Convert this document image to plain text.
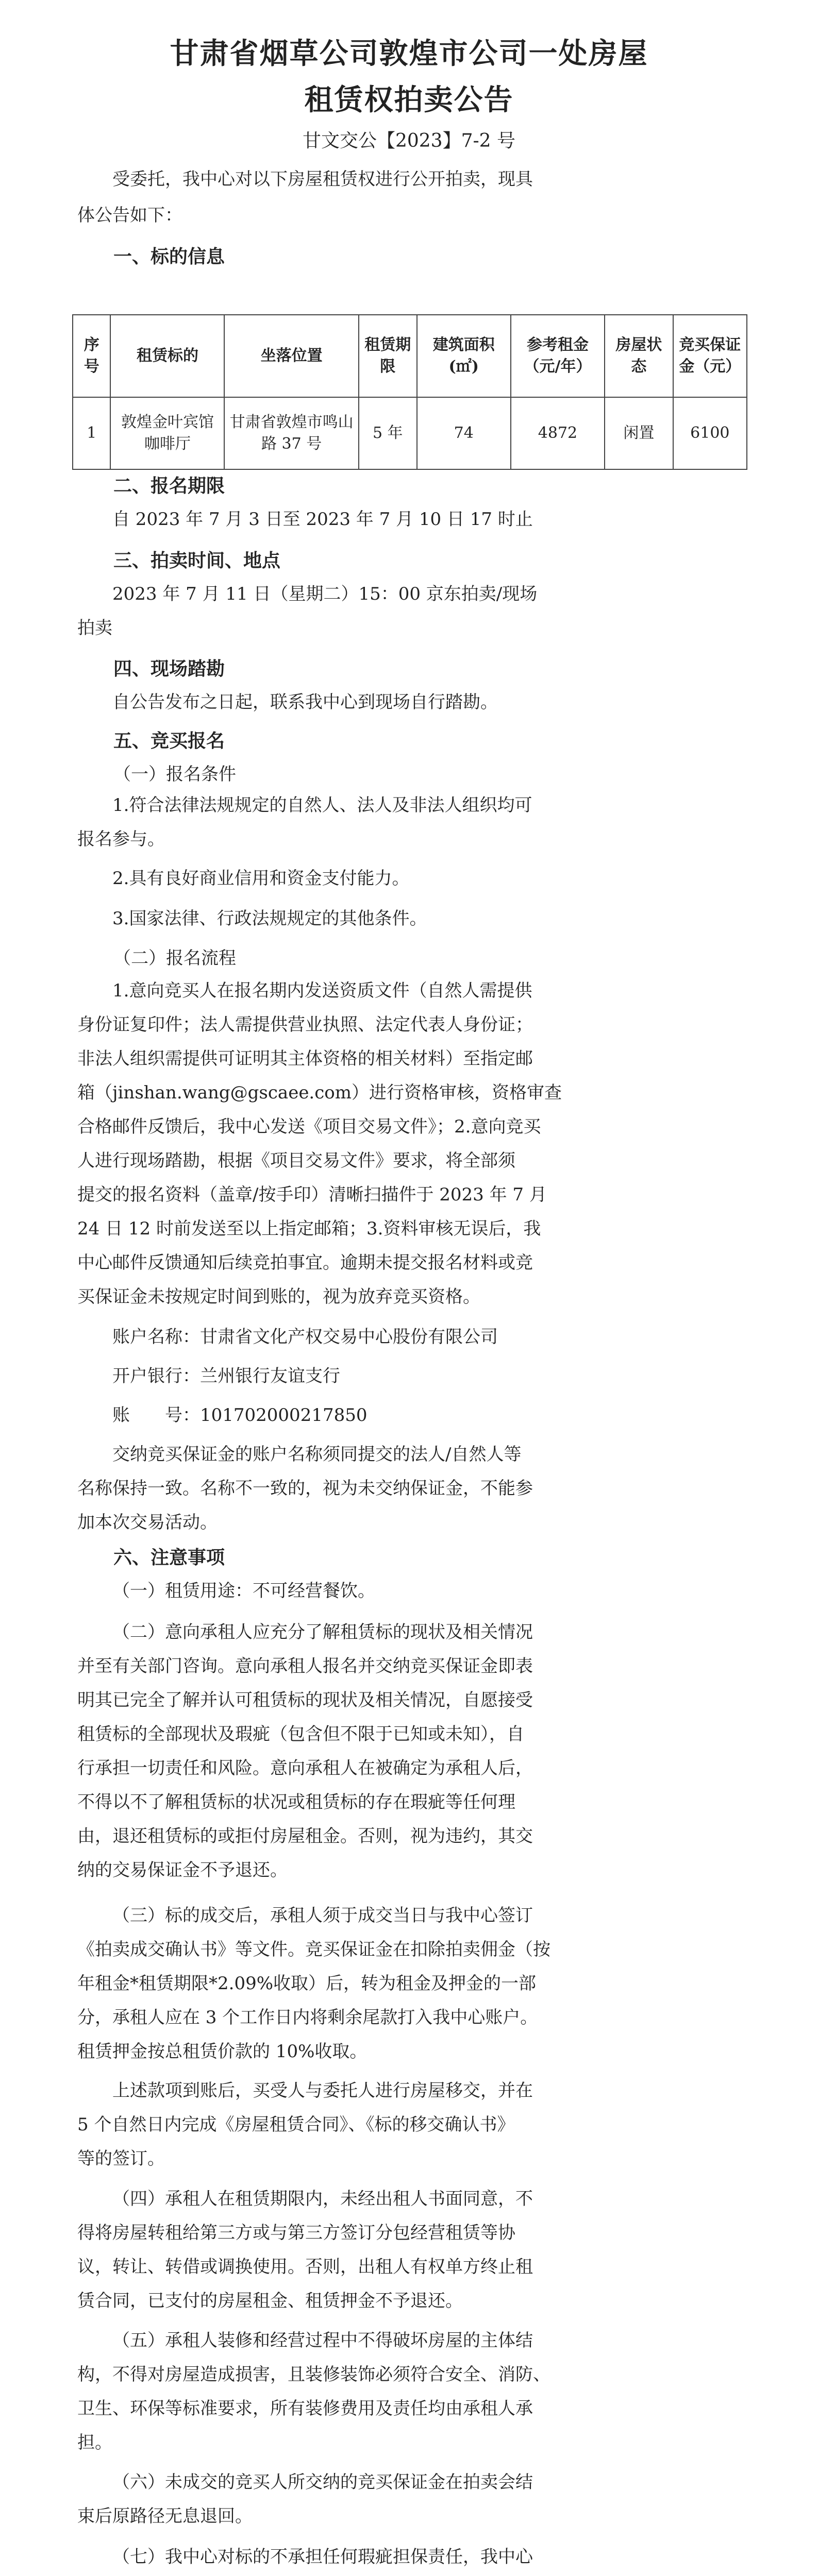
甘肃省烟草公司敦煌市公司一处房屋
租赁权拍卖公告
甘文交公【2023】7-2 号
受委托，我中心对以下房屋租赁权进行公开拍卖，现具
体公告如下：
一、标的信息
序号	租赁标的	坐落位置	租赁期限	建筑面积(㎡)	参考租金（元/年）	房屋状态	竞买保证金（元）
1	敦煌金叶宾馆咖啡厅	甘肃省敦煌市鸣山路 37 号	5 年	74	4872	闲置	6100
二、报名期限
自 2023 年 7 月 3 日至 2023 年 7 月 10 日 17 时止
三、拍卖时间、地点
2023 年 7 月 11 日（星期二）15：00 京东拍卖/现场
拍卖
四、现场踏勘
自公告发布之日起，联系我中心到现场自行踏勘。
五、竞买报名
（一）报名条件
1.符合法律法规规定的自然人、法人及非法人组织均可
报名参与。
2.具有良好商业信用和资金支付能力。
3.国家法律、行政法规规定的其他条件。
（二）报名流程
1.意向竞买人在报名期内发送资质文件（自然人需提供
身份证复印件；法人需提供营业执照、法定代表人身份证；
非法人组织需提供可证明其主体资格的相关材料）至指定邮
箱（jinshan.wang@gscaee.com）进行资格审核，资格审查
合格邮件反馈后，我中心发送《项目交易文件》；2.意向竞买
人进行现场踏勘，根据《项目交易文件》要求，将全部须
提交的报名资料（盖章/按手印）清晰扫描件于 2023 年 7 月
24 日 12 时前发送至以上指定邮箱；3.资料审核无误后，我
中心邮件反馈通知后续竞拍事宜。逾期未提交报名材料或竞
买保证金未按规定时间到账的，视为放弃竞买资格。
账户名称：甘肃省文化产权交易中心股份有限公司
开户银行：兰州银行友谊支行
账　　号：101702000217850
交纳竞买保证金的账户名称须同提交的法人/自然人等
名称保持一致。名称不一致的，视为未交纳保证金，不能参
加本次交易活动。
六、注意事项
（一）租赁用途：不可经营餐饮。
（二）意向承租人应充分了解租赁标的现状及相关情况
并至有关部门咨询。意向承租人报名并交纳竞买保证金即表
明其已完全了解并认可租赁标的现状及相关情况，自愿接受
租赁标的全部现状及瑕疵（包含但不限于已知或未知），自
行承担一切责任和风险。意向承租人在被确定为承租人后，
不得以不了解租赁标的状况或租赁标的存在瑕疵等任何理
由，退还租赁标的或拒付房屋租金。否则，视为违约，其交
纳的交易保证金不予退还。
（三）标的成交后，承租人须于成交当日与我中心签订
《拍卖成交确认书》等文件。竞买保证金在扣除拍卖佣金（按
年租金*租赁期限*2.09%收取）后，转为租金及押金的一部
分，承租人应在 3 个工作日内将剩余尾款打入我中心账户。
租赁押金按总租赁价款的 10%收取。
上述款项到账后，买受人与委托人进行房屋移交，并在
5 个自然日内完成《房屋租赁合同》、《标的移交确认书》
等的签订。
（四）承租人在租赁期限内，未经出租人书面同意，不
得将房屋转租给第三方或与第三方签订分包经营租赁等协
议，转让、转借或调换使用。否则，出租人有权单方终止租
赁合同，已支付的房屋租金、租赁押金不予退还。
（五）承租人装修和经营过程中不得破坏房屋的主体结
构，不得对房屋造成损害，且装修装饰必须符合安全、消防、
卫生、环保等标准要求，所有装修费用及责任均由承租人承
担。
（六）未成交的竞买人所交纳的竞买保证金在拍卖会结
束后原路径无息退回。
（七）我中心对标的不承担任何瑕疵担保责任，我中心
